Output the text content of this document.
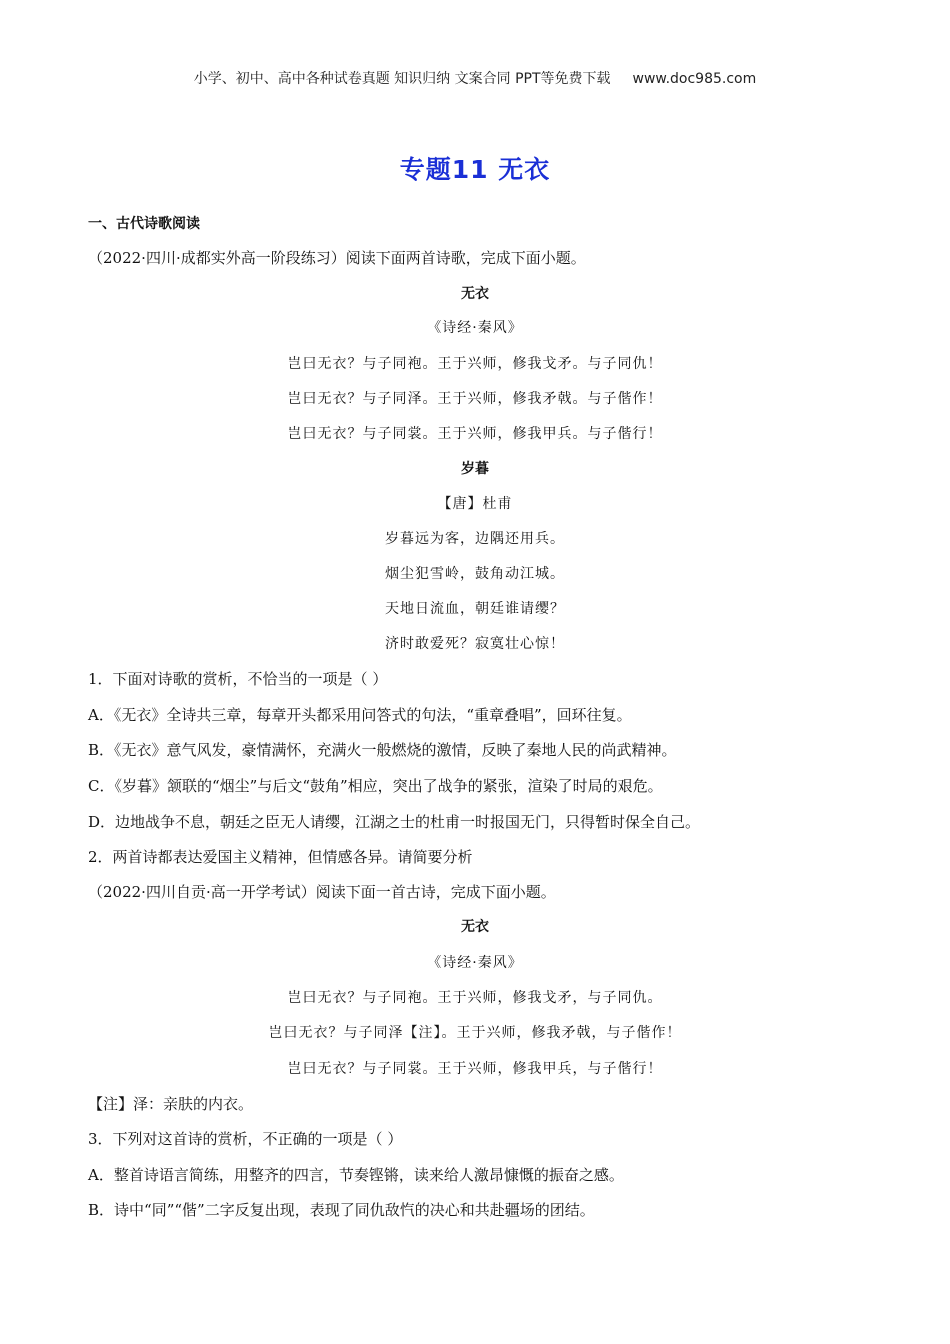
小学、初中、高中各种试卷真题 知识归纳 文案合同 PPT等免费下载 www.doc985.com
专题11 无衣
一、古代诗歌阅读
（2022·四川·成都实外高一阶段练习）阅读下面两首诗歌，完成下面小题。
无衣
《诗经·秦风》
岂曰无衣？与子同袍。王于兴师，修我戈矛。与子同仇！
岂曰无衣？与子同泽。王于兴师，修我矛戟。与子偕作！
岂曰无衣？与子同裳。王于兴师，修我甲兵。与子偕行！
岁暮
【唐】杜甫
岁暮远为客，边隅还用兵。
烟尘犯雪岭，鼓角动江城。
天地日流血，朝廷谁请缨？
济时敢爱死？寂寞壮心惊！
1．下面对诗歌的赏析，不恰当的一项是（ ）
A．《无衣》全诗共三章，每章开头都采用问答式的句法，“重章叠唱”，回环往复。
B．《无衣》意气风发，豪情满怀，充满火一般燃烧的激情，反映了秦地人民的尚武精神。
C．《岁暮》颔联的“烟尘”与后文“鼓角”相应，突出了战争的紧张，渲染了时局的艰危。
D．边地战争不息，朝廷之臣无人请缨，江湖之士的杜甫一时报国无门，只得暂时保全自己。
2．两首诗都表达爱国主义精神，但情感各异。请简要分析
（2022·四川自贡·高一开学考试）阅读下面一首古诗，完成下面小题。
无衣
《诗经·秦风》
岂曰无衣？与子同袍。王于兴师，修我戈矛，与子同仇。
岂曰无衣？与子同泽【注】。王于兴师，修我矛戟，与子偕作！
岂曰无衣？与子同裳。王于兴师，修我甲兵，与子偕行！
【注】泽：亲肤的内衣。
3．下列对这首诗的赏析，不正确的一项是（ ）
A．整首诗语言简练，用整齐的四言，节奏铿锵，读来给人激昂慷慨的振奋之感。
B．诗中“同”“偕”二字反复出现，表现了同仇敌忾的决心和共赴疆场的团结。
